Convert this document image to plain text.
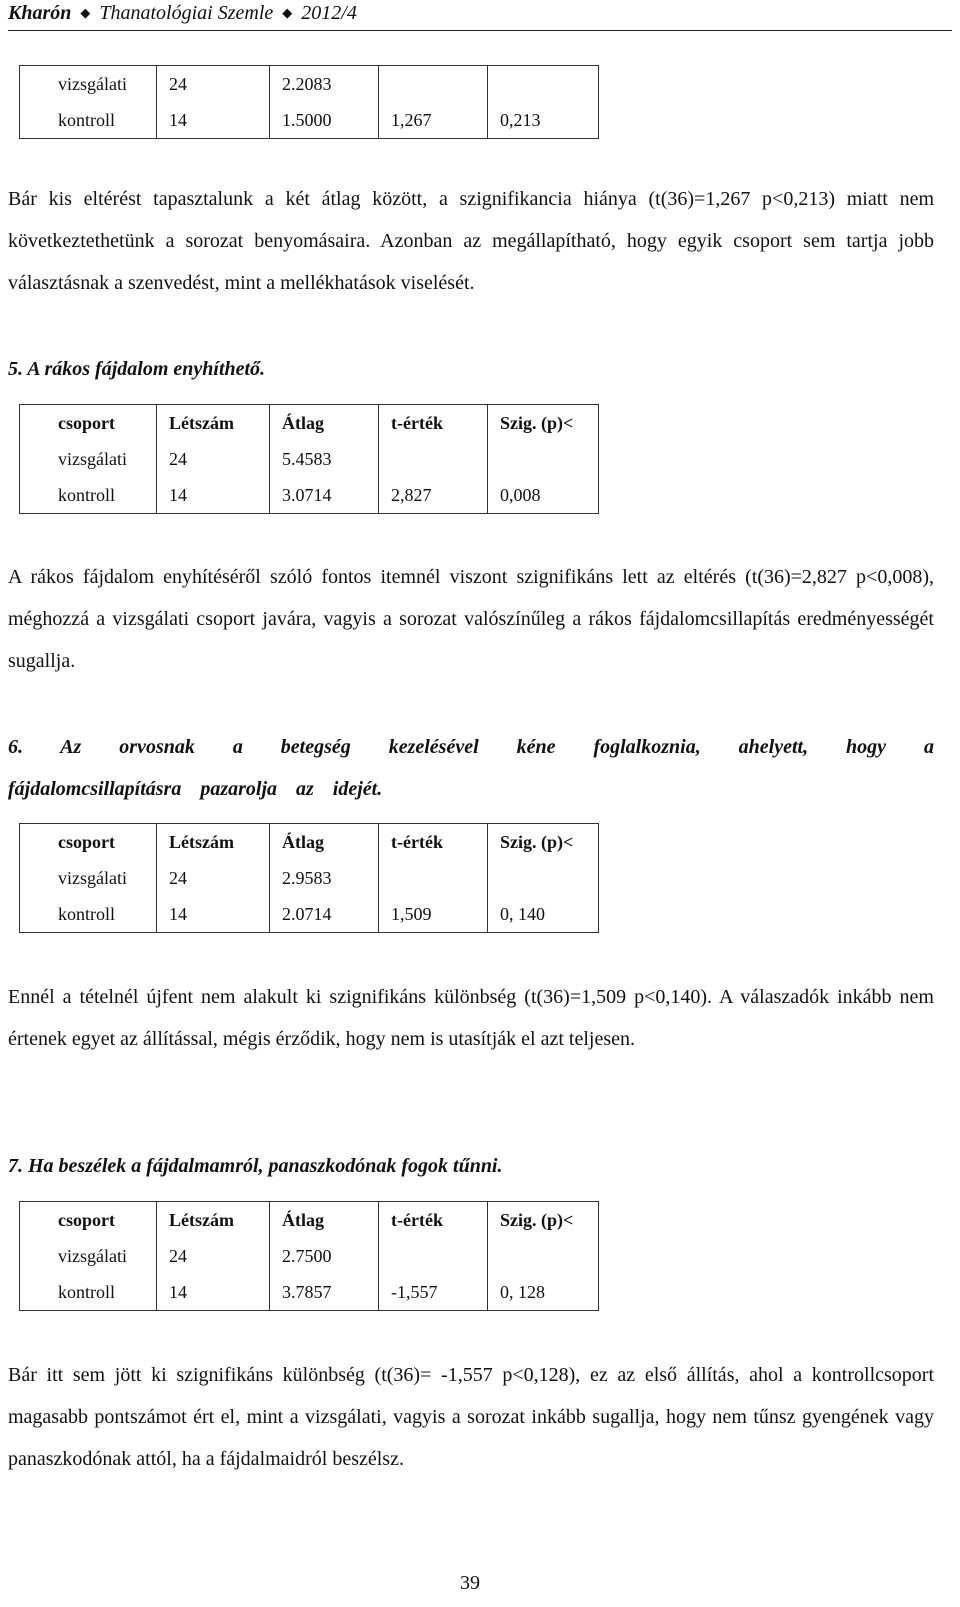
Kharón ◆ Thanatológiai Szemle ◆ 2012/4
vizsgálati	24	2.2083		
kontroll	14	1.5000	1,267	0,213
Bár kis eltérést tapasztalunk a két átlag között, a szignifikancia hiánya (t(36)=1,267 p<0,213) miatt nem következtethetünk a sorozat benyomásaira. Azonban az megállapítható, hogy egyik csoport sem tartja jobb választásnak a szenvedést, mint a mellékhatások viselését.
5. A rákos fájdalom enyhíthető.
csoport	Létszám	Átlag	t-érték	Szig. (p)<
vizsgálati	24	5.4583		
kontroll	14	3.0714	2,827	0,008
A rákos fájdalom enyhítéséről szóló fontos itemnél viszont szignifikáns lett az eltérés (t(36)=2,827 p<0,008), méghozzá a vizsgálati csoport javára, vagyis a sorozat valószínűleg a rákos fájdalomcsillapítás eredményességét sugallja.
6. Az orvosnak a betegség kezelésével kéne foglalkoznia, ahelyett, hogy a fájdalomcsillapításra pazarolja az idejét.
csoport	Létszám	Átlag	t-érték	Szig. (p)<
vizsgálati	24	2.9583		
kontroll	14	2.0714	1,509	0, 140
Ennél a tételnél újfent nem alakult ki szignifikáns különbség (t(36)=1,509 p<0,140). A válaszadók inkább nem értenek egyet az állítással, mégis érződik, hogy nem is utasítják el azt teljesen.
7. Ha beszélek a fájdalmamról, panaszkodónak fogok tűnni.
csoport	Létszám	Átlag	t-érték	Szig. (p)<
vizsgálati	24	2.7500		
kontroll	14	3.7857	-1,557	0, 128
Bár itt sem jött ki szignifikáns különbség (t(36)= -1,557 p<0,128), ez az első állítás, ahol a kontrollcsoport magasabb pontszámot ért el, mint a vizsgálati, vagyis a sorozat inkább sugallja, hogy nem tűnsz gyengének vagy panaszkodónak attól, ha a fájdalmaidról beszélsz.
39
